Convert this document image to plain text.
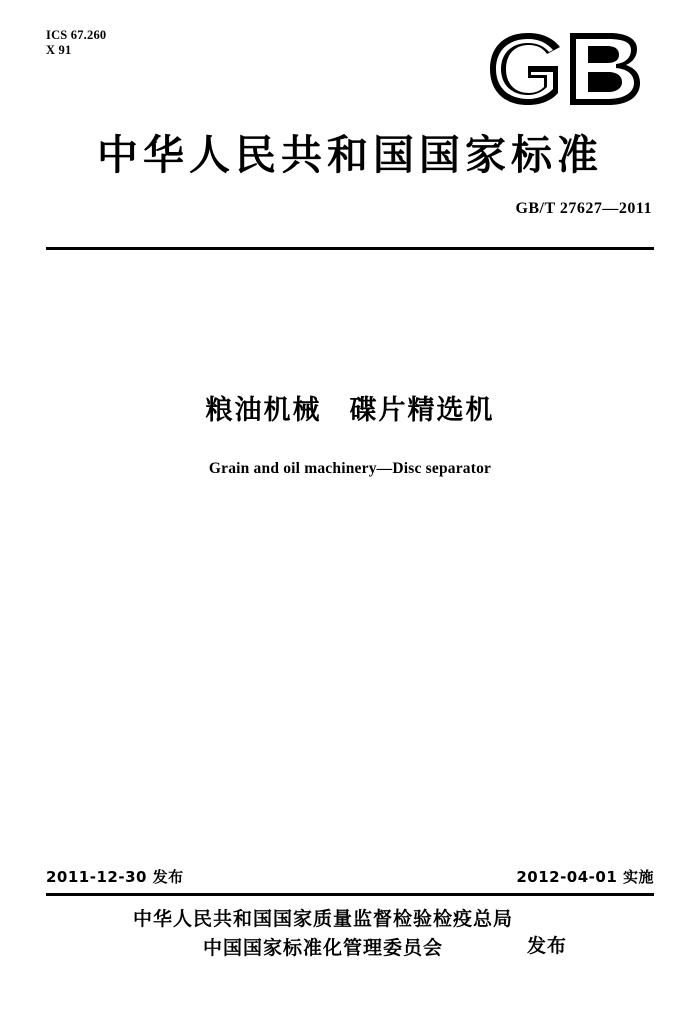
ICS 67.260
X 91
中华人民共和国国家标准
GB/T 27627—2011
粮油机械 碟片精选机
Grain and oil machinery—Disc separator
2011-12-30 发布	2012-04-01 实施
中华人民共和国国家质量监督检验检疫总局
中国国家标准化管理委员会	发布
